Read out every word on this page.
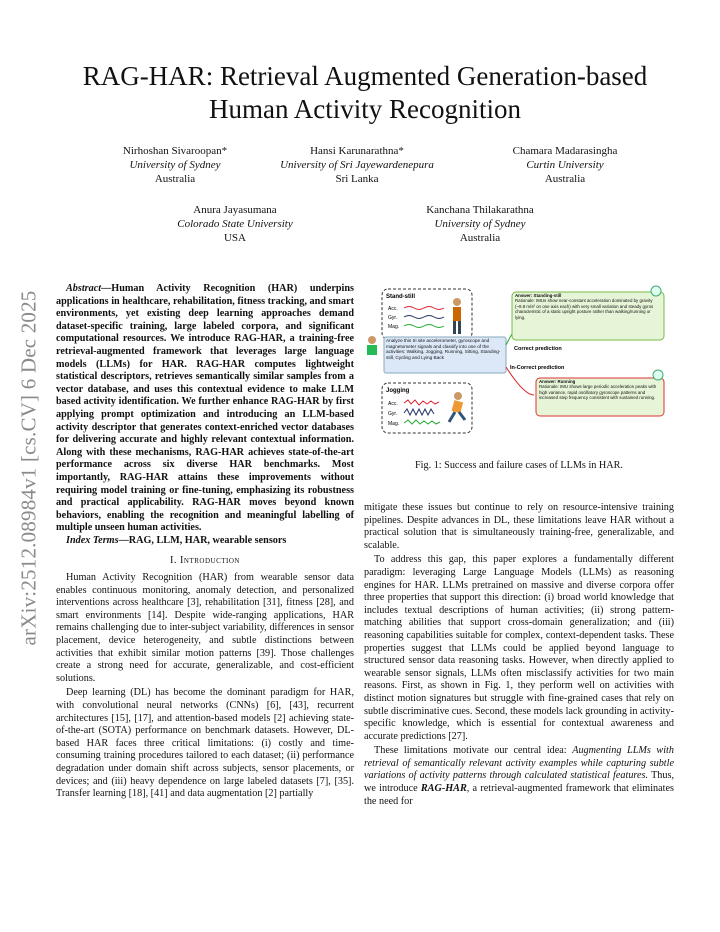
arXiv:2512.08984v1 [cs.CV] 6 Dec 2025
RAG-HAR: Retrieval Augmented Generation-based
Human Activity Recognition
Nirhoshan Sivaroopan*
University of Sydney
Australia
Hansi Karunarathna*
University of Sri Jayewardenepura
Sri Lanka
Chamara Madarasingha
Curtin University
Australia
Anura Jayasumana
Colorado State University
USA
Kanchana Thilakarathna
University of Sydney
Australia

Abstract—Human Activity Recognition (HAR) underpins applications in healthcare, rehabilitation, fitness tracking, and smart environments, yet existing deep learning approaches demand dataset-specific training, large labeled corpora, and significant computational resources. We introduce RAG-HAR, a training-free retrieval-augmented framework that leverages large language models (LLMs) for HAR. RAG-HAR computes lightweight statistical descriptors, retrieves semantically similar samples from a vector database, and uses this contextual evidence to make LLM based activity identification. We further enhance RAG-HAR by first applying prompt optimization and introducing an LLM-based activity descriptor that generates context-enriched vector databases for delivering accurate and highly relevant contextual information. Along with these mechanisms, RAG-HAR achieves state-of-the-art performance across six diverse HAR benchmarks. Most importantly, RAG-HAR attains these improvements without requiring model training or fine-tuning, emphasizing its robustness and practical applicability. RAG-HAR moves beyond known behaviors, enabling the recognition and meaningful labelling of multiple unseen human activities.

Index Terms—RAG, LLM, HAR, wearable sensors

I. Introduction

Human Activity Recognition (HAR) from wearable sensor data enables continuous monitoring, anomaly detection, and personalized interventions across healthcare [3], rehabilitation [31], fitness [28], and smart environments [14]. Despite wide-ranging applications, HAR remains challenging due to inter-subject variability, differences in sensor placement, device heterogeneity, and subtle distinctions between activities that exhibit similar motion patterns [39]. Those challenges create a strong need for accurate, generalizable, and cost-efficient solutions.

Deep learning (DL) has become the dominant paradigm for HAR, with convolutional neural networks (CNNs) [6], [43], recurrent architectures [15], [17], and attention-based models [2] achieving state-of-the-art (SOTA) performance on benchmark datasets. However, DL-based HAR faces three critical limitations: (i) costly and time-consuming training procedures tailored to each dataset; (ii) performance degradation under domain shift across subjects, sensor placements, or devices; and (iii) heavy dependence on large labeled datasets [7], [35]. Transfer learning [18], [41] and data augmentation [2] partially

Stand-still
Acc.
Gyr.
Mag.
Analyze this tri site accelerometer, gyroscope and magnetometer signals and classify into one of the activities: Walking, Jogging, Running, Sitting, Standing-still, Cycling and Lying Back
Jogging
Acc.
Gyr.
Mag.
Answer: Standing-still
Rationale: IMUs show near-constant acceleration dominated by gravity (~9.8 m/s² on one axis each) with very small variation and steady gyros characteristic of a static upright posture rather than walking/running or lying.
Correct prediction
In-Correct prediction
Answer: Running
Rationale: IMU shows large periodic acceleration peaks with high variance, rapid oscillatory gyroscope patterns and increased step frequency consistent with sustained running.
Fig. 1: Success and failure cases of LLMs in HAR.

mitigate these issues but continue to rely on resource-intensive training pipelines. Despite advances in DL, these limitations leave HAR without a practical solution that is simultaneously training-free, generalizable, and scalable.

To address this gap, this paper explores a fundamentally different paradigm: leveraging Large Language Models (LLMs) as reasoning engines for HAR. LLMs pretrained on massive and diverse corpora offer three properties that support this direction: (i) broad world knowledge that includes textual descriptions of human activities; (ii) strong pattern-matching abilities that support cross-domain generalization; and (iii) reasoning capabilities suitable for complex, context-dependent tasks. These properties suggest that LLMs could be applied beyond language to structured sensor data reasoning tasks. However, when directly applied to wearable sensor signals, LLMs often misclassify activities for two main reasons. First, as shown in Fig. 1, they perform well on activities with distinct motion signatures but struggle with fine-grained cases that rely on subtle discriminative cues. Second, these models lack grounding in activity-specific knowledge, which is essential for contextual awareness and accurate predictions [27].

These limitations motivate our central idea: Augmenting LLMs with retrieval of semantically relevant activity examples while capturing subtle variations of activity patterns through calculated statistical features. Thus, we introduce RAG-HAR, a retrieval-augmented framework that eliminates the need for
